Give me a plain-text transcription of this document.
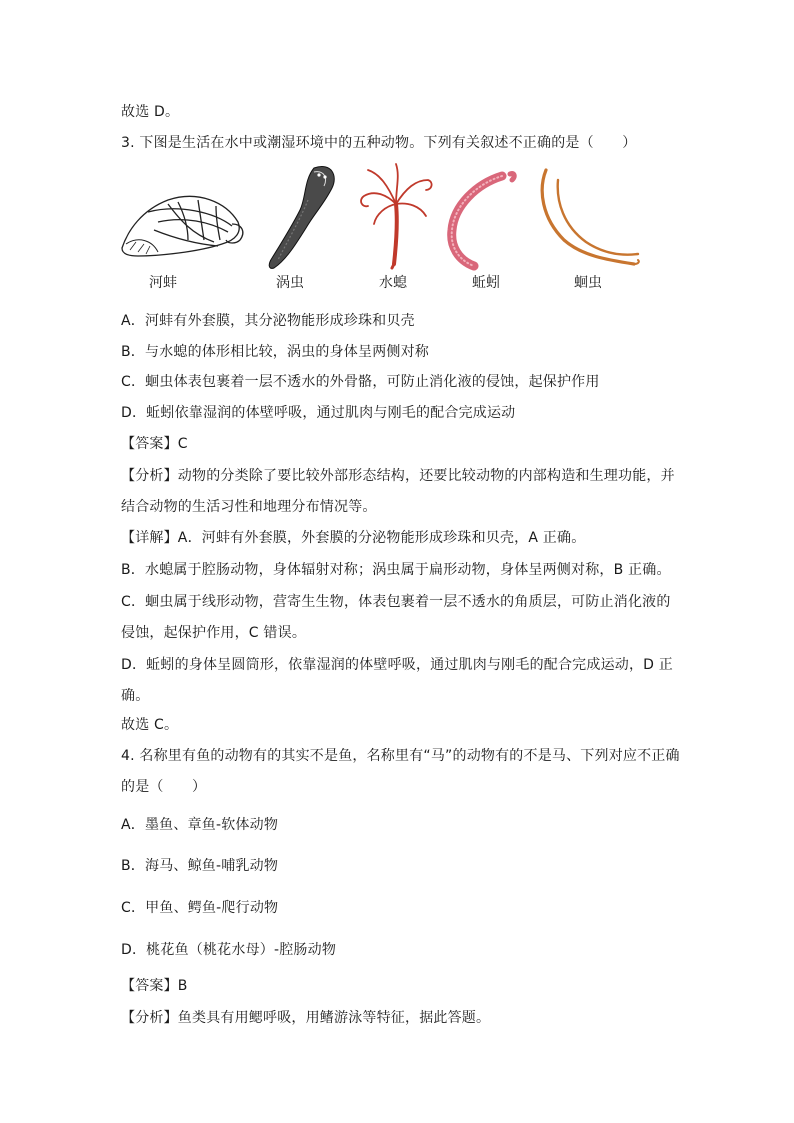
故选 D。
3. 下图是生活在水中或潮湿环境中的五种动物。下列有关叙述不正确的是（　　）
河蚌	涡虫	水螅	蚯蚓	蛔虫
A．河蚌有外套膜，其分泌物能形成珍珠和贝壳
B．与水螅的体形相比较，涡虫的身体呈两侧对称
C．蛔虫体表包裹着一层不透水的外骨骼，可防止消化液的侵蚀，起保护作用
D．蚯蚓依靠湿润的体壁呼吸，通过肌肉与刚毛的配合完成运动
【答案】C
【分析】动物的分类除了要比较外部形态结构，还要比较动物的内部构造和生理功能，并
结合动物的生活习性和地理分布情况等。
【详解】A．河蚌有外套膜，外套膜的分泌物能形成珍珠和贝壳，A 正确。
B．水螅属于腔肠动物，身体辐射对称；涡虫属于扁形动物，身体呈两侧对称，B 正确。
C．蛔虫属于线形动物，营寄生生物，体表包裹着一层不透水的角质层，可防止消化液的
侵蚀，起保护作用，C 错误。
D．蚯蚓的身体呈圆筒形，依靠湿润的体壁呼吸，通过肌肉与刚毛的配合完成运动，D 正
确。
故选 C。
4. 名称里有鱼的动物有的其实不是鱼，名称里有“马”的动物有的不是马、下列对应不正确
的是（　　）
A．墨鱼、章鱼-软体动物
B．海马、鲸鱼-哺乳动物
C．甲鱼、鳄鱼-爬行动物
D．桃花鱼（桃花水母）-腔肠动物
【答案】B
【分析】鱼类具有用鳃呼吸，用鳍游泳等特征，据此答题。
